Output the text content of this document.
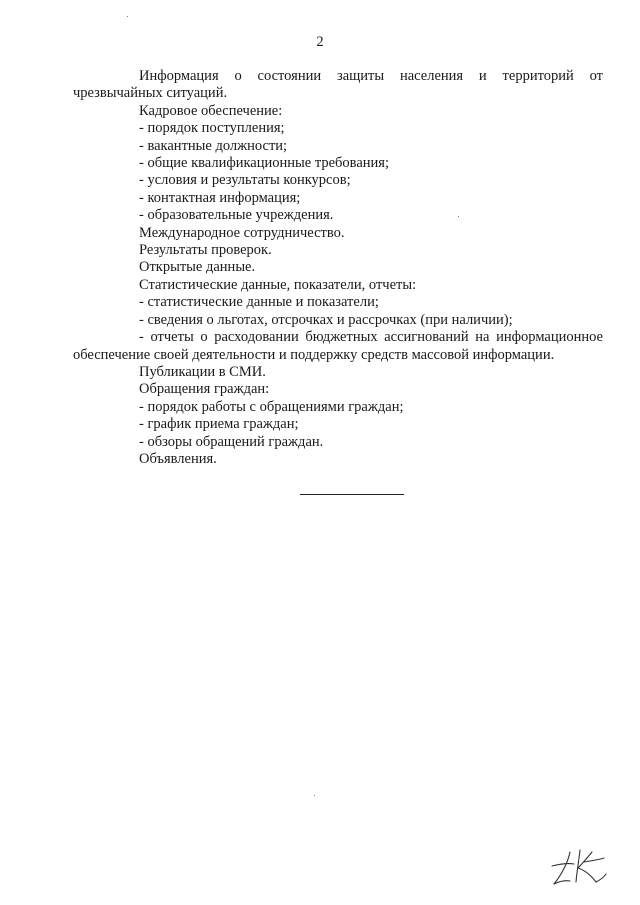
2

Информация о состоянии защиты населения и территорий от

чрезвычайных ситуаций.

Кадровое обеспечение:

- порядок поступления;

- вакантные должности;

- общие квалификационные требования;

- условия и результаты конкурсов;

- контактная информация;

- образовательные учреждения.

Международное сотрудничество.

Результаты проверок.

Открытые данные.

Статистические данные, показатели, отчеты:

- статистические данные и показатели;

- сведения о льготах, отсрочках и рассрочках (при наличии);

- отчеты о расходовании бюджетных ассигнований на информационное

обеспечение своей деятельности и поддержку средств массовой информации.

Публикации в СМИ.

Обращения граждан:

- порядок работы с обращениями граждан;

- график приема граждан;

- обзоры обращений граждан.

Объявления.
